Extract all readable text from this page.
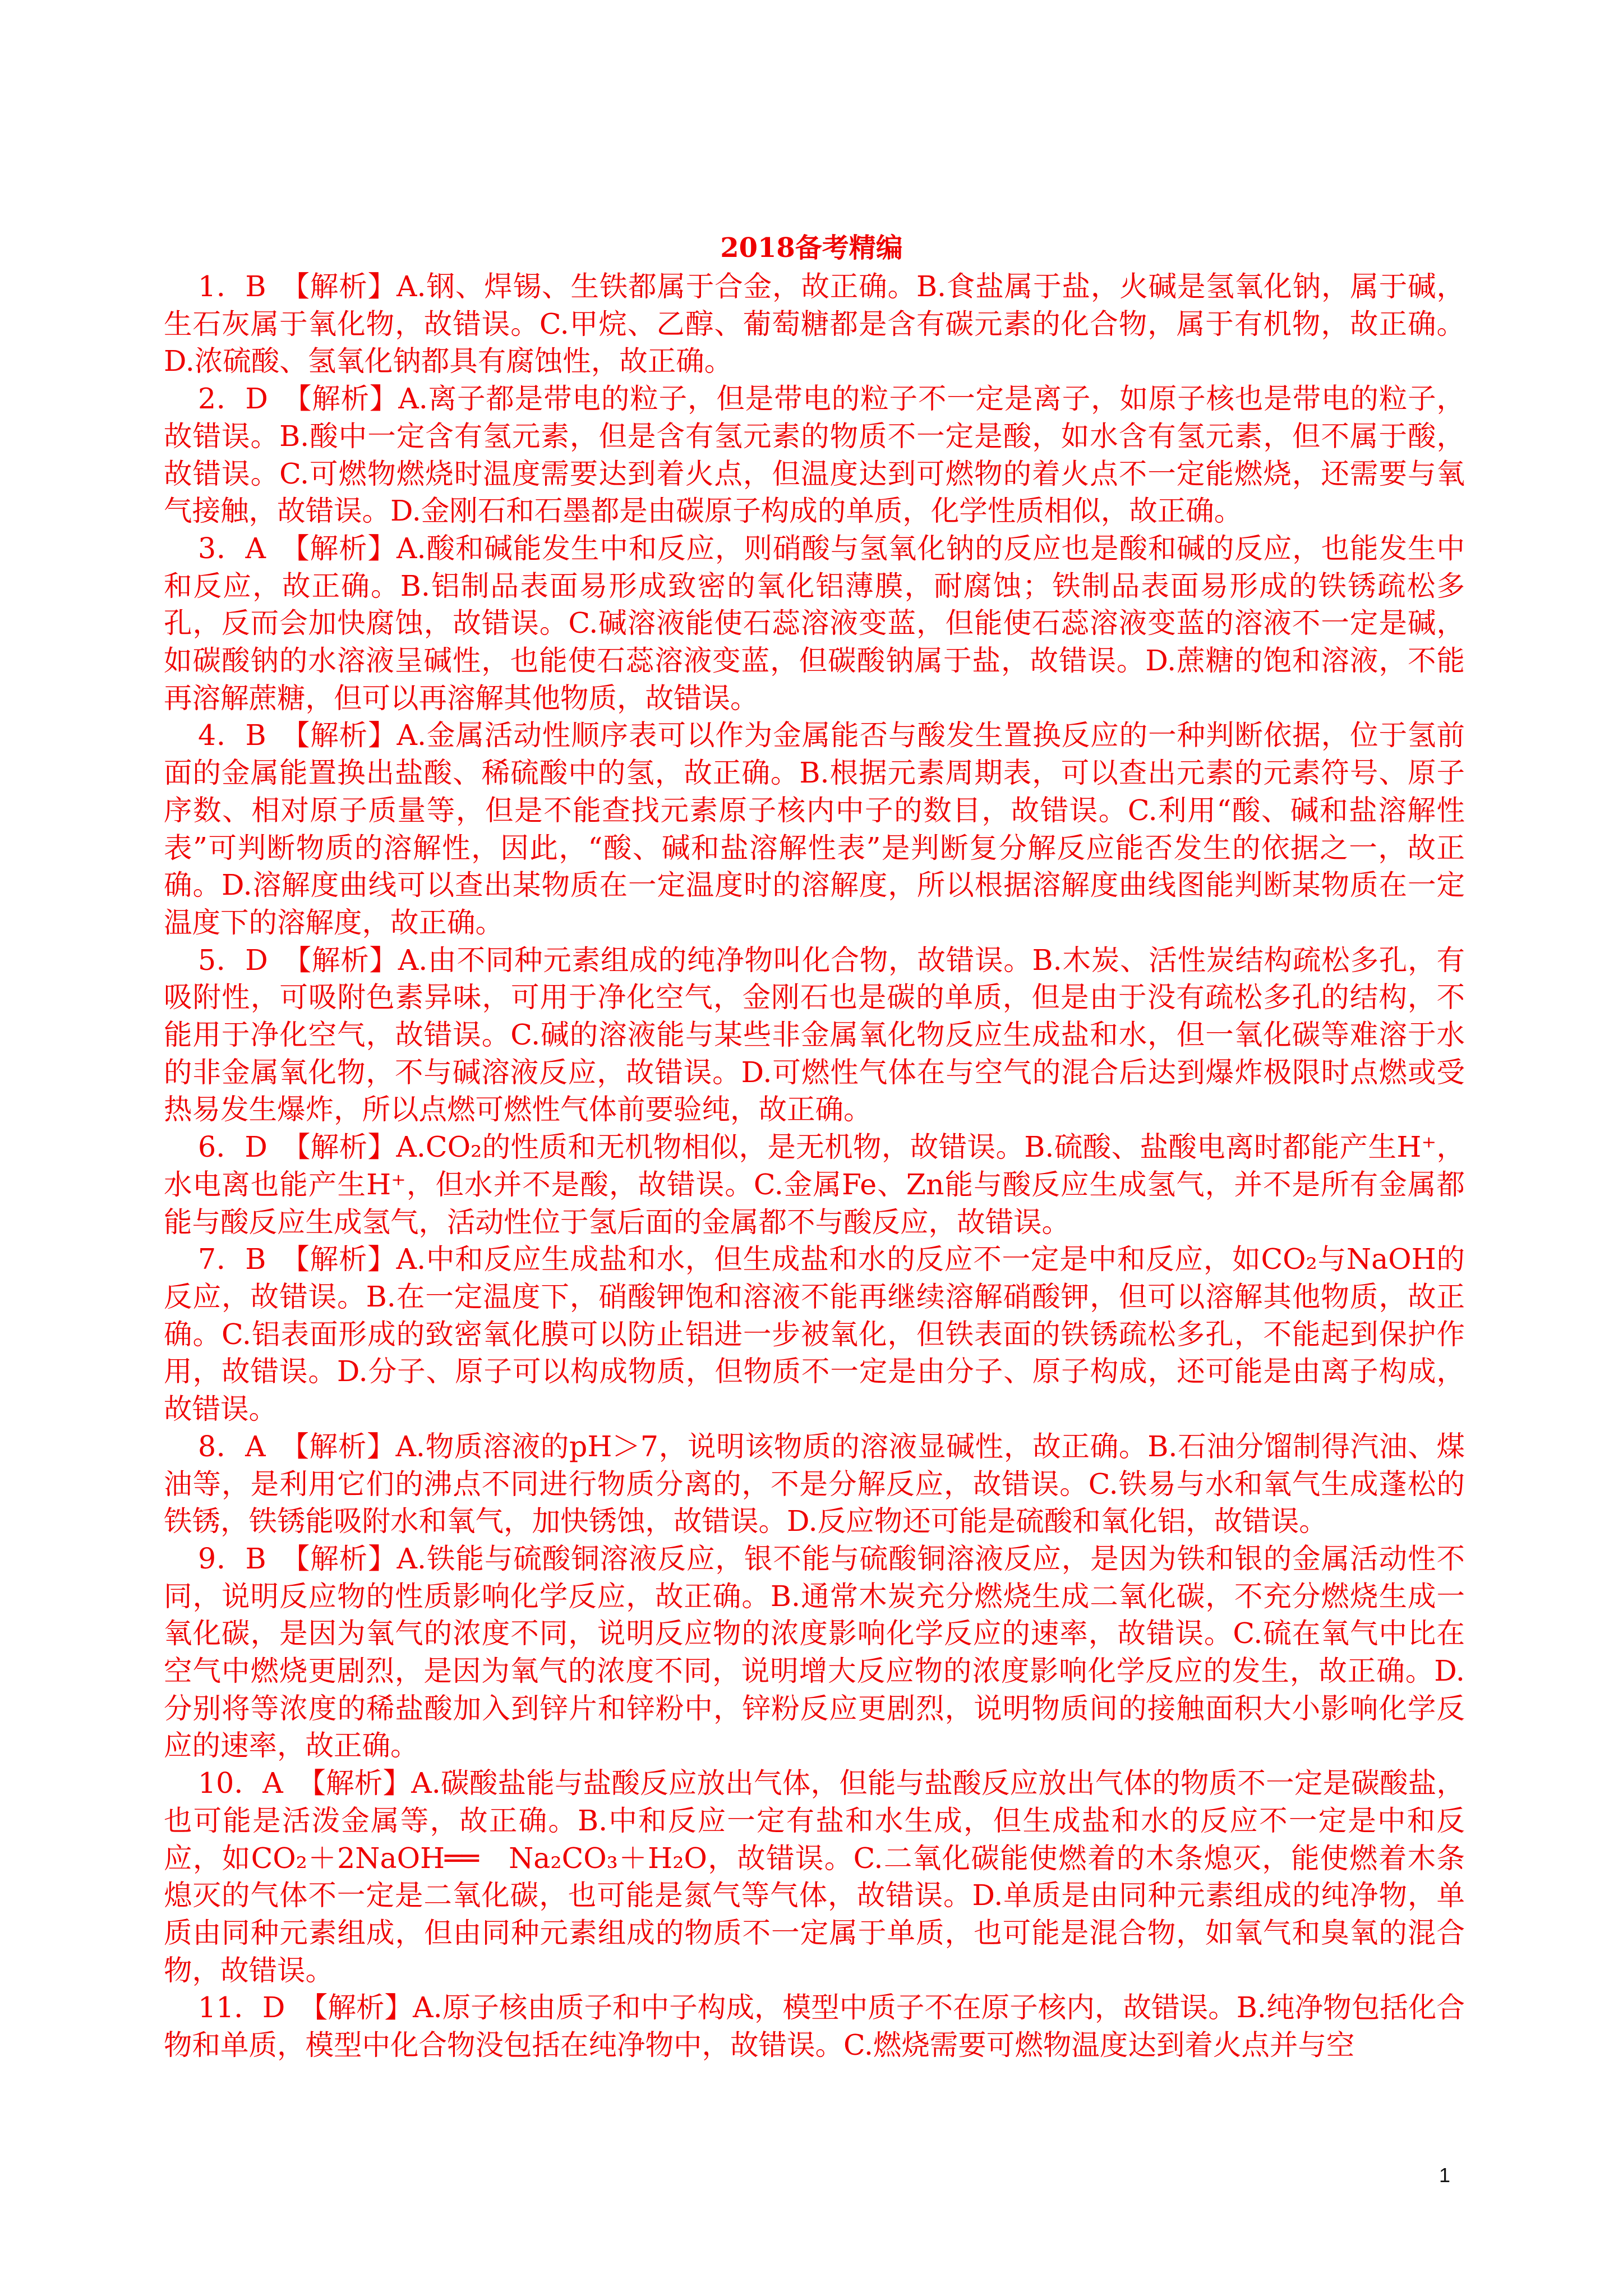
2018备考精编

1．B　【解析】A.钢、焊锡、生铁都属于合金，故正确。B.食盐属于盐，火碱是氢氧化钠，属于碱，生石灰属于氧化物，故错误。C.甲烷、乙醇、葡萄糖都是含有碳元素的化合物，属于有机物，故正确。D.浓硫酸、氢氧化钠都具有腐蚀性，故正确。

2．D　【解析】A.离子都是带电的粒子，但是带电的粒子不一定是离子，如原子核也是带电的粒子，故错误。B.酸中一定含有氢元素，但是含有氢元素的物质不一定是酸，如水含有氢元素，但不属于酸，故错误。C.可燃物燃烧时温度需要达到着火点，但温度达到可燃物的着火点不一定能燃烧，还需要与氧气接触，故错误。D.金刚石和石墨都是由碳原子构成的单质，化学性质相似，故正确。

3．A　【解析】A.酸和碱能发生中和反应，则硝酸与氢氧化钠的反应也是酸和碱的反应，也能发生中和反应，故正确。B.铝制品表面易形成致密的氧化铝薄膜，耐腐蚀；铁制品表面易形成的铁锈疏松多孔，反而会加快腐蚀，故错误。C.碱溶液能使石蕊溶液变蓝，但能使石蕊溶液变蓝的溶液不一定是碱，如碳酸钠的水溶液呈碱性，也能使石蕊溶液变蓝，但碳酸钠属于盐，故错误。D.蔗糖的饱和溶液，不能再溶解蔗糖，但可以再溶解其他物质，故错误。

4．B　【解析】A.金属活动性顺序表可以作为金属能否与酸发生置换反应的一种判断依据，位于氢前面的金属能置换出盐酸、稀硫酸中的氢，故正确。B.根据元素周期表，可以查出元素的元素符号、原子序数、相对原子质量等，但是不能查找元素原子核内中子的数目，故错误。C.利用“酸、碱和盐溶解性表”可判断物质的溶解性，因此，“酸、碱和盐溶解性表”是判断复分解反应能否发生的依据之一，故正确。D.溶解度曲线可以查出某物质在一定温度时的溶解度，所以根据溶解度曲线图能判断某物质在一定温度下的溶解度，故正确。

5．D　【解析】A.由不同种元素组成的纯净物叫化合物，故错误。B.木炭、活性炭结构疏松多孔，有吸附性，可吸附色素异味，可用于净化空气，金刚石也是碳的单质，但是由于没有疏松多孔的结构，不能用于净化空气，故错误。C.碱的溶液能与某些非金属氧化物反应生成盐和水，但一氧化碳等难溶于水的非金属氧化物，不与碱溶液反应，故错误。D.可燃性气体在与空气的混合后达到爆炸极限时点燃或受热易发生爆炸，所以点燃可燃性气体前要验纯，故正确。

6．D　【解析】A.CO₂的性质和无机物相似，是无机物，故错误。B.硫酸、盐酸电离时都能产生H⁺，水电离也能产生H⁺，但水并不是酸，故错误。C.金属Fe、Zn能与酸反应生成氢气，并不是所有金属都能与酸反应生成氢气，活动性位于氢后面的金属都不与酸反应，故错误。

7．B　【解析】A.中和反应生成盐和水，但生成盐和水的反应不一定是中和反应，如CO₂与NaOH的反应，故错误。B.在一定温度下，硝酸钾饱和溶液不能再继续溶解硝酸钾，但可以溶解其他物质，故正确。C.铝表面形成的致密氧化膜可以防止铝进一步被氧化，但铁表面的铁锈疏松多孔，不能起到保护作用，故错误。D.分子、原子可以构成物质，但物质不一定是由分子、原子构成，还可能是由离子构成，故错误。

8．A　【解析】A.物质溶液的pH＞7，说明该物质的溶液显碱性，故正确。B.石油分馏制得汽油、煤油等，是利用它们的沸点不同进行物质分离的，不是分解反应，故错误。C.铁易与水和氧气生成蓬松的铁锈，铁锈能吸附水和氧气，加快锈蚀，故错误。D.反应物还可能是硫酸和氧化铝，故错误。

9．B　【解析】A.铁能与硫酸铜溶液反应，银不能与硫酸铜溶液反应，是因为铁和银的金属活动性不同，说明反应物的性质影响化学反应，故正确。B.通常木炭充分燃烧生成二氧化碳，不充分燃烧生成一氧化碳，是因为氧气的浓度不同，说明反应物的浓度影响化学反应的速率，故错误。C.硫在氧气中比在空气中燃烧更剧烈，是因为氧气的浓度不同，说明增大反应物的浓度影响化学反应的发生，故正确。D.分别将等浓度的稀盐酸加入到锌片和锌粉中，锌粉反应更剧烈，说明物质间的接触面积大小影响化学反应的速率，故正确。

10．A　【解析】A.碳酸盐能与盐酸反应放出气体，但能与盐酸反应放出气体的物质不一定是碳酸盐，也可能是活泼金属等，故正确。B.中和反应一定有盐和水生成，但生成盐和水的反应不一定是中和反应，如CO₂＋2NaOH══　Na₂CO₃＋H₂O，故错误。C.二氧化碳能使燃着的木条熄灭，能使燃着木条熄灭的气体不一定是二氧化碳，也可能是氮气等气体，故错误。D.单质是由同种元素组成的纯净物，单质由同种元素组成，但由同种元素组成的物质不一定属于单质，也可能是混合物，如氧气和臭氧的混合物，故错误。

11．D　【解析】A.原子核由质子和中子构成，模型中质子不在原子核内，故错误。B.纯净物包括化合物和单质，模型中化合物没包括在纯净物中，故错误。C.燃烧需要可燃物温度达到着火点并与空

1
